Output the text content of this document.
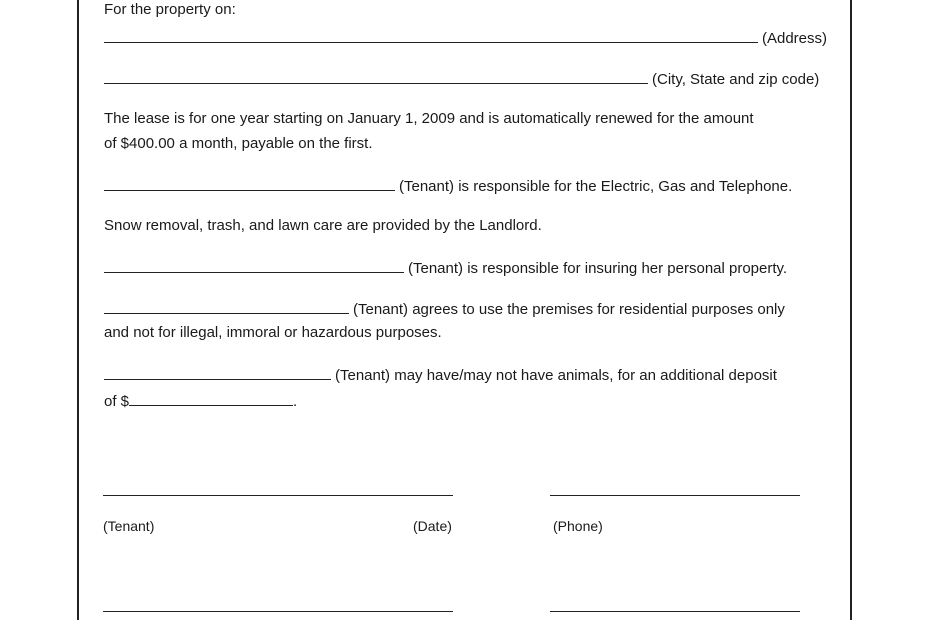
For the property on:
(Address)
(City, State and zip code)
The lease is for one year starting on January 1, 2009 and is automatically renewed for the amount
of $400.00 a month, payable on the first.
(Tenant) is responsible for the Electric, Gas and Telephone.
Snow removal, trash, and lawn care are provided by the Landlord.
(Tenant) is responsible for insuring her personal property.
(Tenant) agrees to use the premises for residential purposes only
and not for illegal, immoral or hazardous purposes.
(Tenant) may have/may not have animals, for an additional deposit
of $	.
(Tenant)	(Date)	(Phone)
